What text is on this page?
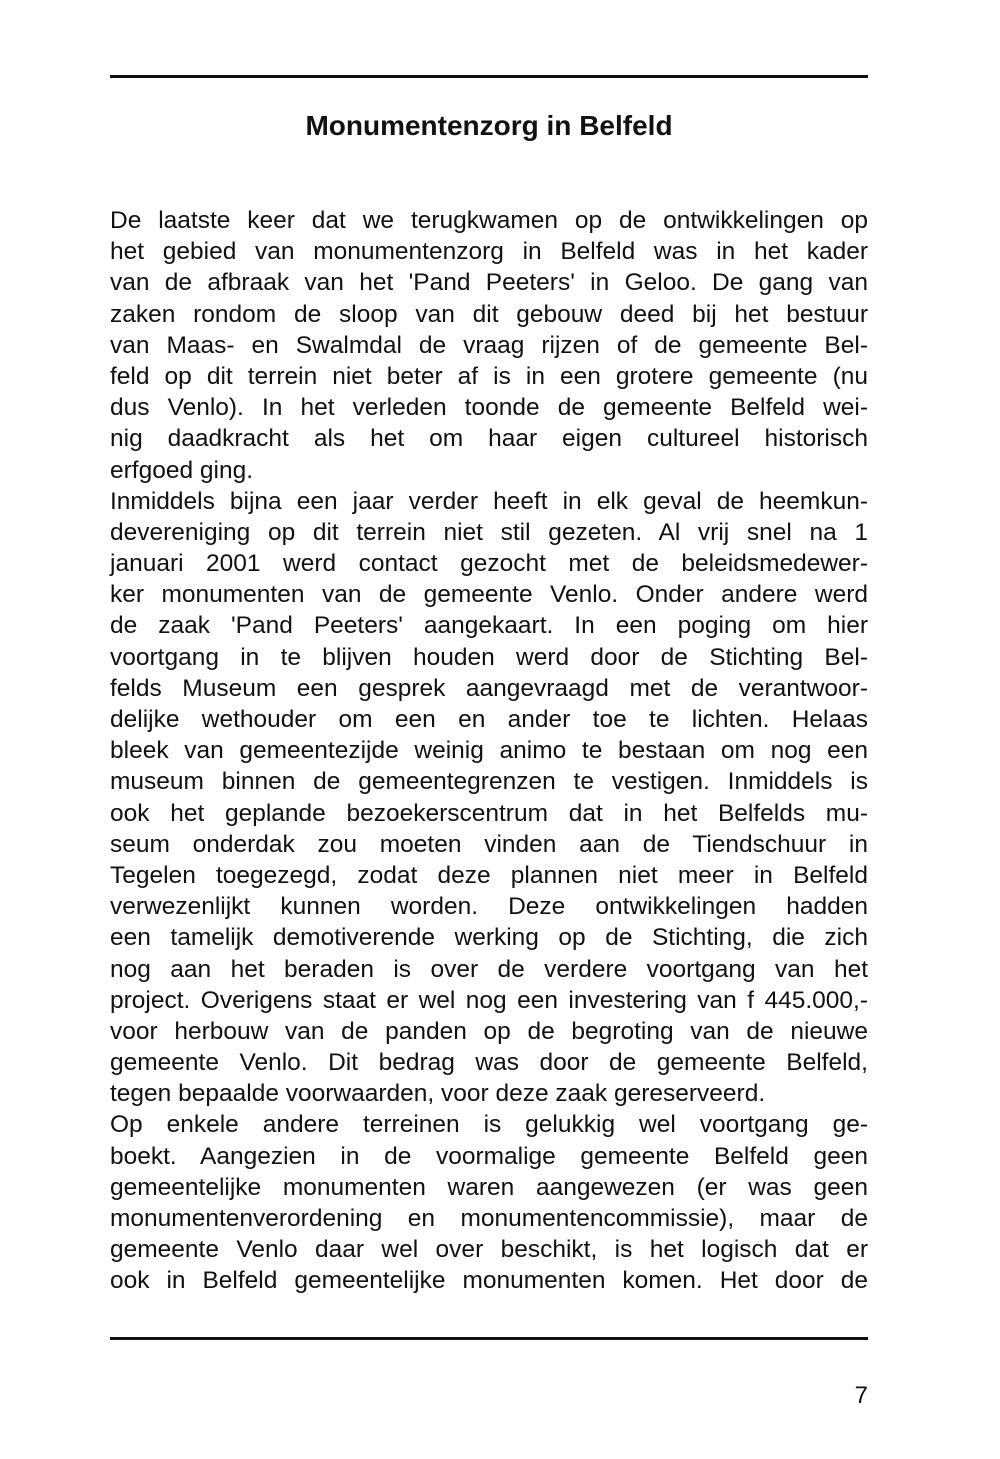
Monumentenzorg in Belfeld
De laatste keer dat we terugkwamen op de ontwikkelingen op
het gebied van monumentenzorg in Belfeld was in het kader
van de afbraak van het 'Pand Peeters' in Geloo. De gang van
zaken rondom de sloop van dit gebouw deed bij het bestuur
van Maas- en Swalmdal de vraag rijzen of de gemeente Bel-
feld op dit terrein niet beter af is in een grotere gemeente (nu
dus Venlo). In het verleden toonde de gemeente Belfeld wei-
nig daadkracht als het om haar eigen cultureel historisch
erfgoed ging.
Inmiddels bijna een jaar verder heeft in elk geval de heemkun-
devereniging op dit terrein niet stil gezeten. Al vrij snel na 1
januari 2001 werd contact gezocht met de beleidsmedewer-
ker monumenten van de gemeente Venlo. Onder andere werd
de zaak 'Pand Peeters' aangekaart. In een poging om hier
voortgang in te blijven houden werd door de Stichting Bel-
felds Museum een gesprek aangevraagd met de verantwoor-
delijke wethouder om een en ander toe te lichten. Helaas
bleek van gemeentezijde weinig animo te bestaan om nog een
museum binnen de gemeentegrenzen te vestigen. Inmiddels is
ook het geplande bezoekerscentrum dat in het Belfelds mu-
seum onderdak zou moeten vinden aan de Tiendschuur in
Tegelen toegezegd, zodat deze plannen niet meer in Belfeld
verwezenlijkt kunnen worden. Deze ontwikkelingen hadden
een tamelijk demotiverende werking op de Stichting, die zich
nog aan het beraden is over de verdere voortgang van het
project. Overigens staat er wel nog een investering van f 445.000,-
voor herbouw van de panden op de begroting van de nieuwe
gemeente Venlo. Dit bedrag was door de gemeente Belfeld,
tegen bepaalde voorwaarden, voor deze zaak gereserveerd.
Op enkele andere terreinen is gelukkig wel voortgang ge-
boekt. Aangezien in de voormalige gemeente Belfeld geen
gemeentelijke monumenten waren aangewezen (er was geen
monumentenverordening en monumentencommissie), maar de
gemeente Venlo daar wel over beschikt, is het logisch dat er
ook in Belfeld gemeentelijke monumenten komen. Het door de
7
